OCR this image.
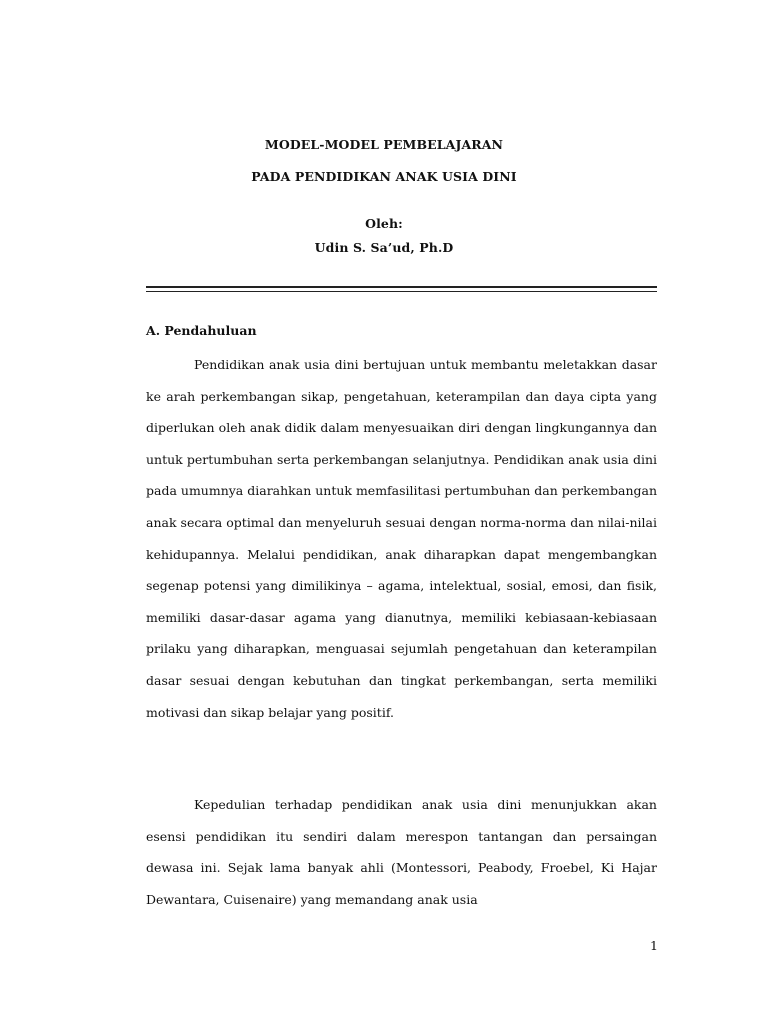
MODEL-MODEL PEMBELAJARAN
PADA PENDIDIKAN ANAK USIA DINI
Oleh:
Udin S. Sa’ud, Ph.D
A. Pendahuluan

Pendidikan anak usia dini bertujuan untuk membantu meletakkan dasar ke arah perkembangan sikap, pengetahuan, keterampilan dan daya cipta yang diperlukan oleh anak didik dalam menyesuaikan diri dengan lingkungannya dan untuk pertumbuhan serta perkembangan selanjutnya. Pendidikan anak usia dini pada umumnya diarahkan untuk memfasilitasi pertumbuhan dan perkembangan anak secara optimal dan menyeluruh sesuai dengan norma-norma dan nilai-nilai kehidupannya. Melalui pendidikan, anak diharapkan dapat mengembangkan segenap potensi yang dimilikinya – agama, intelektual, sosial, emosi, dan fisik, memiliki dasar-dasar agama yang dianutnya, memiliki kebiasaan-kebiasaan prilaku yang diharapkan, menguasai sejumlah pengetahuan dan keterampilan dasar sesuai dengan kebutuhan dan tingkat perkembangan, serta memiliki motivasi dan sikap belajar yang positif.

Kepedulian terhadap pendidikan anak usia dini menunjukkan akan esensi pendidikan itu sendiri dalam merespon tantangan dan persaingan dewasa ini. Sejak lama banyak ahli (Montessori, Peabody, Froebel, Ki Hajar Dewantara, Cuisenaire) yang memandang anak usia

1
